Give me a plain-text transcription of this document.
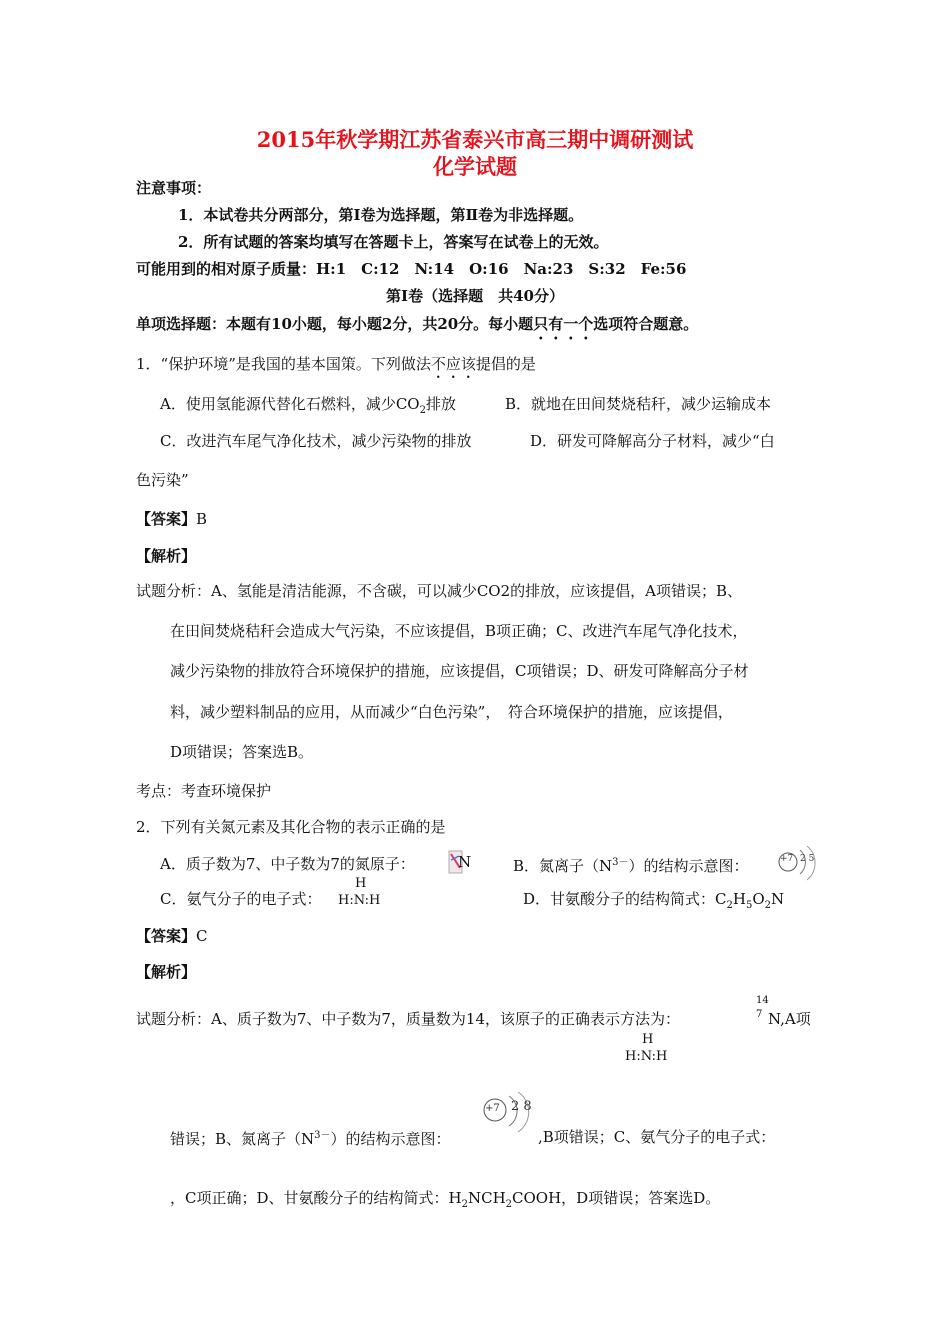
2015年秋学期江苏省泰兴市高三期中调研测试
化学试题
注意事项：
1．本试卷共分两部分，第Ⅰ卷为选择题，第Ⅱ卷为非选择题。
2．所有试题的答案均填写在答题卡上，答案写在试卷上的无效。
可能用到的相对原子质量：H:1　C:12　N:14　O:16　Na:23　S:32　Fe:56
第Ⅰ卷（选择题　共40分）
单项选择题：本题有10小题，每小题2分，共20分。每小题只有一个选项符合题意。
1．“保护环境”是我国的基本国策。下列做法不应该提倡的是
A．使用氢能源代替化石燃料，减少$CO_2$排放	B．就地在田间焚烧秸秆，减少运输成本
C．改进汽车尾气净化技术，减少污染物的排放	D．研发可降解高分子材料，减少“白
色污染”
【答案】B
【解析】
试题分析：A、氢能是清洁能源，不含碳，可以减少CO2的排放，应该提倡，A项错误；B、
在田间焚烧秸秆会造成大气污染，不应该提倡，B项正确；C、改进汽车尾气净化技术，
减少污染物的排放符合环境保护的措施，应该提倡，C项错误；D、研发可降解高分子材
料，减少塑料制品的应用，从而减少“白色污染”，　符合环境保护的措施，应该提倡，
D项错误；答案选B。
考点：考查环境保护
2．下列有关氮元素及其化合物的表示正确的是
A．质子数为7、中子数为7的氮原子：	N	B．氮离子$(N^{3-})$的结构示意图：	+7 2 5
C．氨气分子的电子式：
H
H:N:H	D．甘氨酸分子的结构简式：$C_2H_5O_2N$
【答案】C
【解析】
试题分析：A、质子数为7、中子数为7，质量数为14，该原子的正确表示方法为：
14
7 N,A项
H
H:N:H
+7 2 8
错误；B、氮离子$(N^{3-})$的结构示意图：	,B项错误；C、氨气分子的电子式：
，C项正确；D、甘氨酸分子的结构简式：$H_2NCH_2COOH$，D项错误；答案选D。
